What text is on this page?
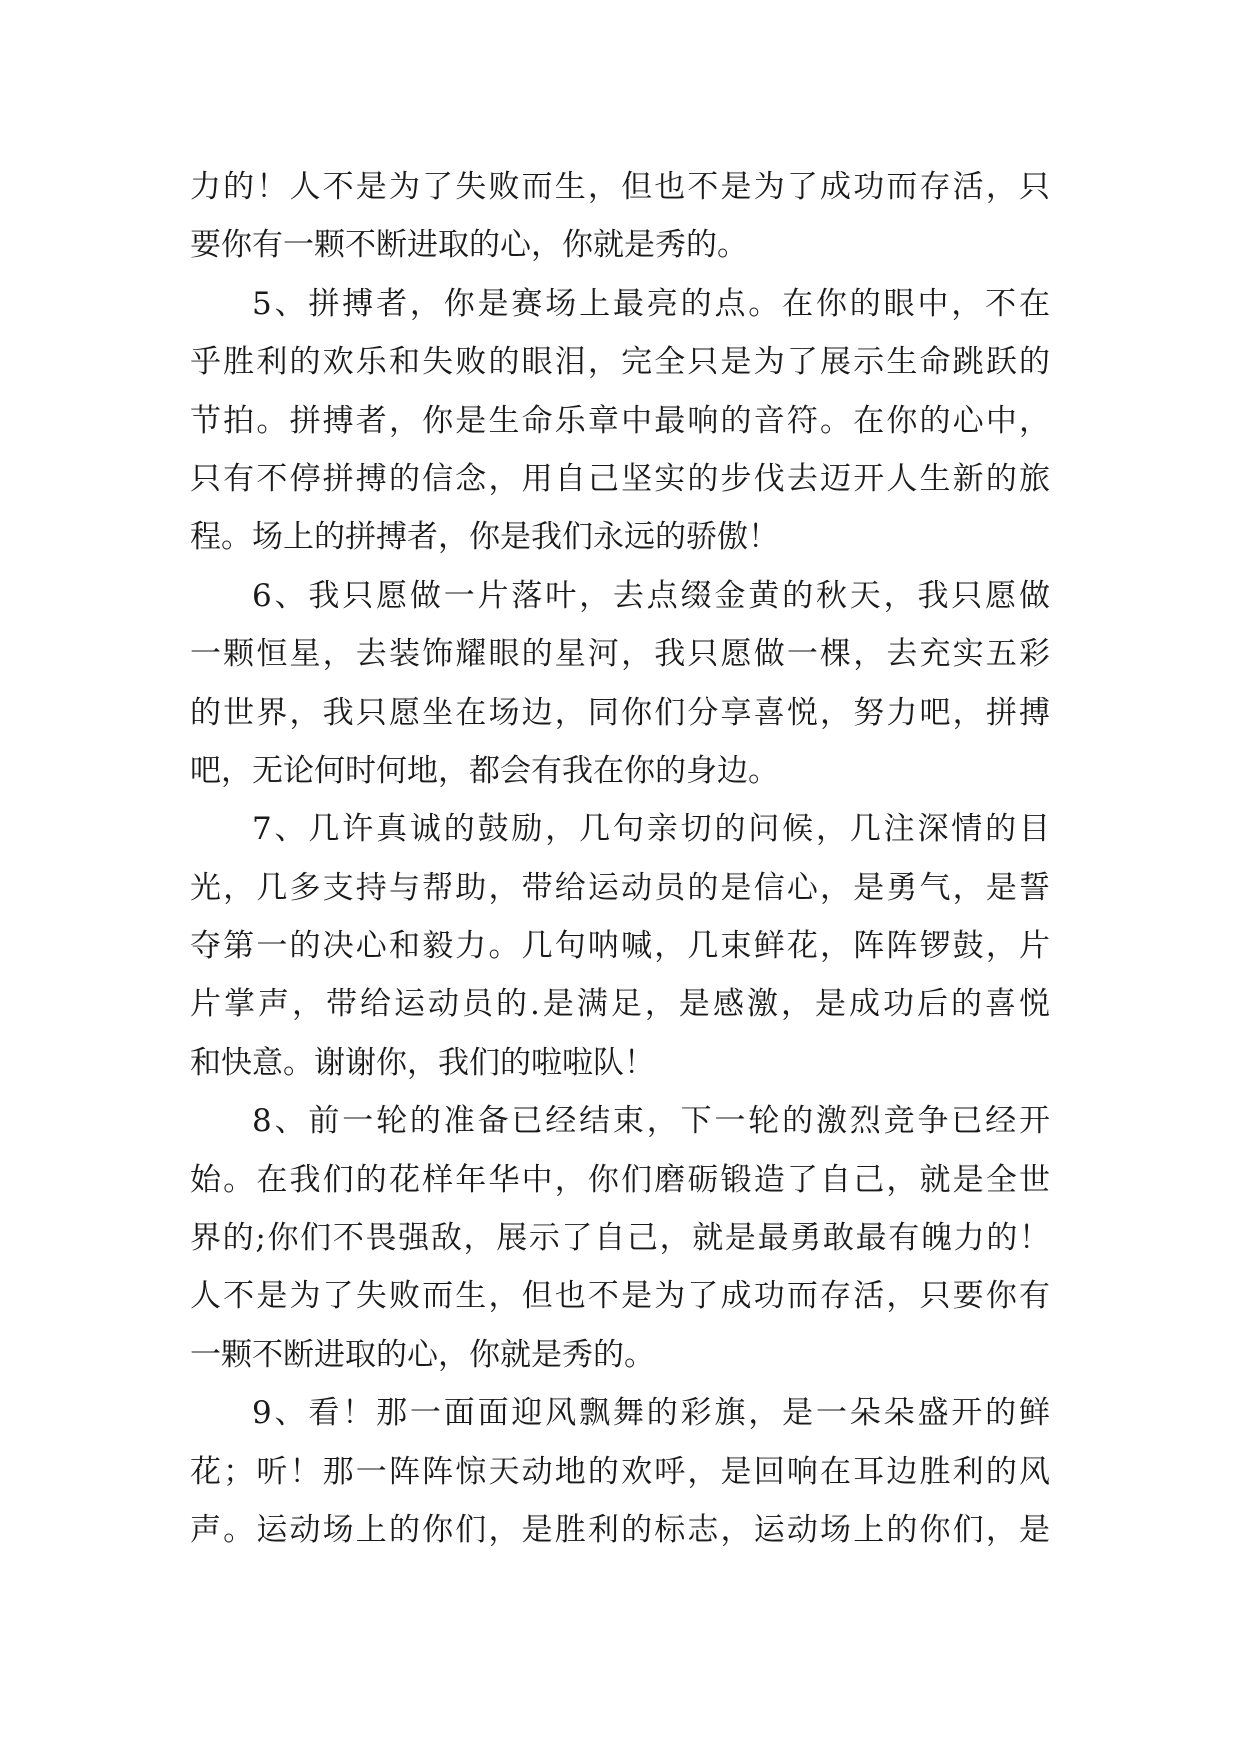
力的！人不是为了失败而生，但也不是为了成功而存活，只
要你有一颗不断进取的心，你就是秀的。
5、拼搏者，你是赛场上最亮的点。在你的眼中，不在
乎胜利的欢乐和失败的眼泪，完全只是为了展示生命跳跃的
节拍。拼搏者，你是生命乐章中最响的音符。在你的心中，
只有不停拼搏的信念，用自己坚实的步伐去迈开人生新的旅
程。场上的拼搏者，你是我们永远的骄傲！
6、我只愿做一片落叶，去点缀金黄的秋天，我只愿做
一颗恒星，去装饰耀眼的星河，我只愿做一棵，去充实五彩
的世界，我只愿坐在场边，同你们分享喜悦，努力吧，拼搏
吧，无论何时何地，都会有我在你的身边。
7、几许真诚的鼓励，几句亲切的问候，几注深情的目
光，几多支持与帮助，带给运动员的是信心，是勇气，是誓
夺第一的决心和毅力。几句呐喊，几束鲜花，阵阵锣鼓，片
片掌声，带给运动员的.是满足，是感激，是成功后的喜悦
和快意。谢谢你，我们的啦啦队！
8、前一轮的准备已经结束，下一轮的激烈竞争已经开
始。在我们的花样年华中，你们磨砺锻造了自己，就是全世
界的;你们不畏强敌，展示了自己，就是最勇敢最有魄力的！
人不是为了失败而生，但也不是为了成功而存活，只要你有
一颗不断进取的心，你就是秀的。
9、看！那一面面迎风飘舞的彩旗，是一朵朵盛开的鲜
花；听！那一阵阵惊天动地的欢呼，是回响在耳边胜利的风
声。运动场上的你们，是胜利的标志，运动场上的你们，是
